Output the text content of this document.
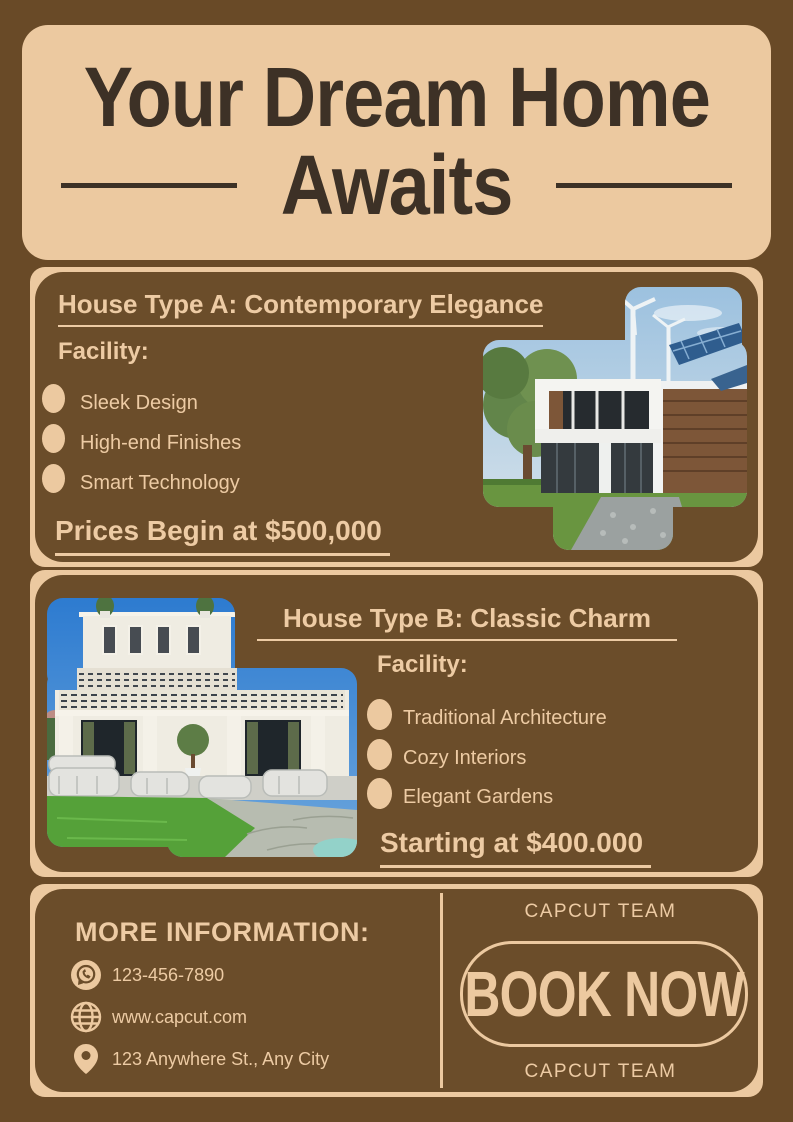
Your Dream Home
Awaits
House Type A: Contemporary Elegance
Facility:
Sleek Design
High-end Finishes
Smart Technology
Prices Begin at $500,000
House Type B: Classic Charm
Facility:
Traditional Architecture
Cozy Interiors
Elegant Gardens
Starting at $400.000
MORE INFORMATION:
123-456-7890
www.capcut.com
123 Anywhere St., Any City
CAPCUT TEAM
BOOK NOW
CAPCUT TEAM
